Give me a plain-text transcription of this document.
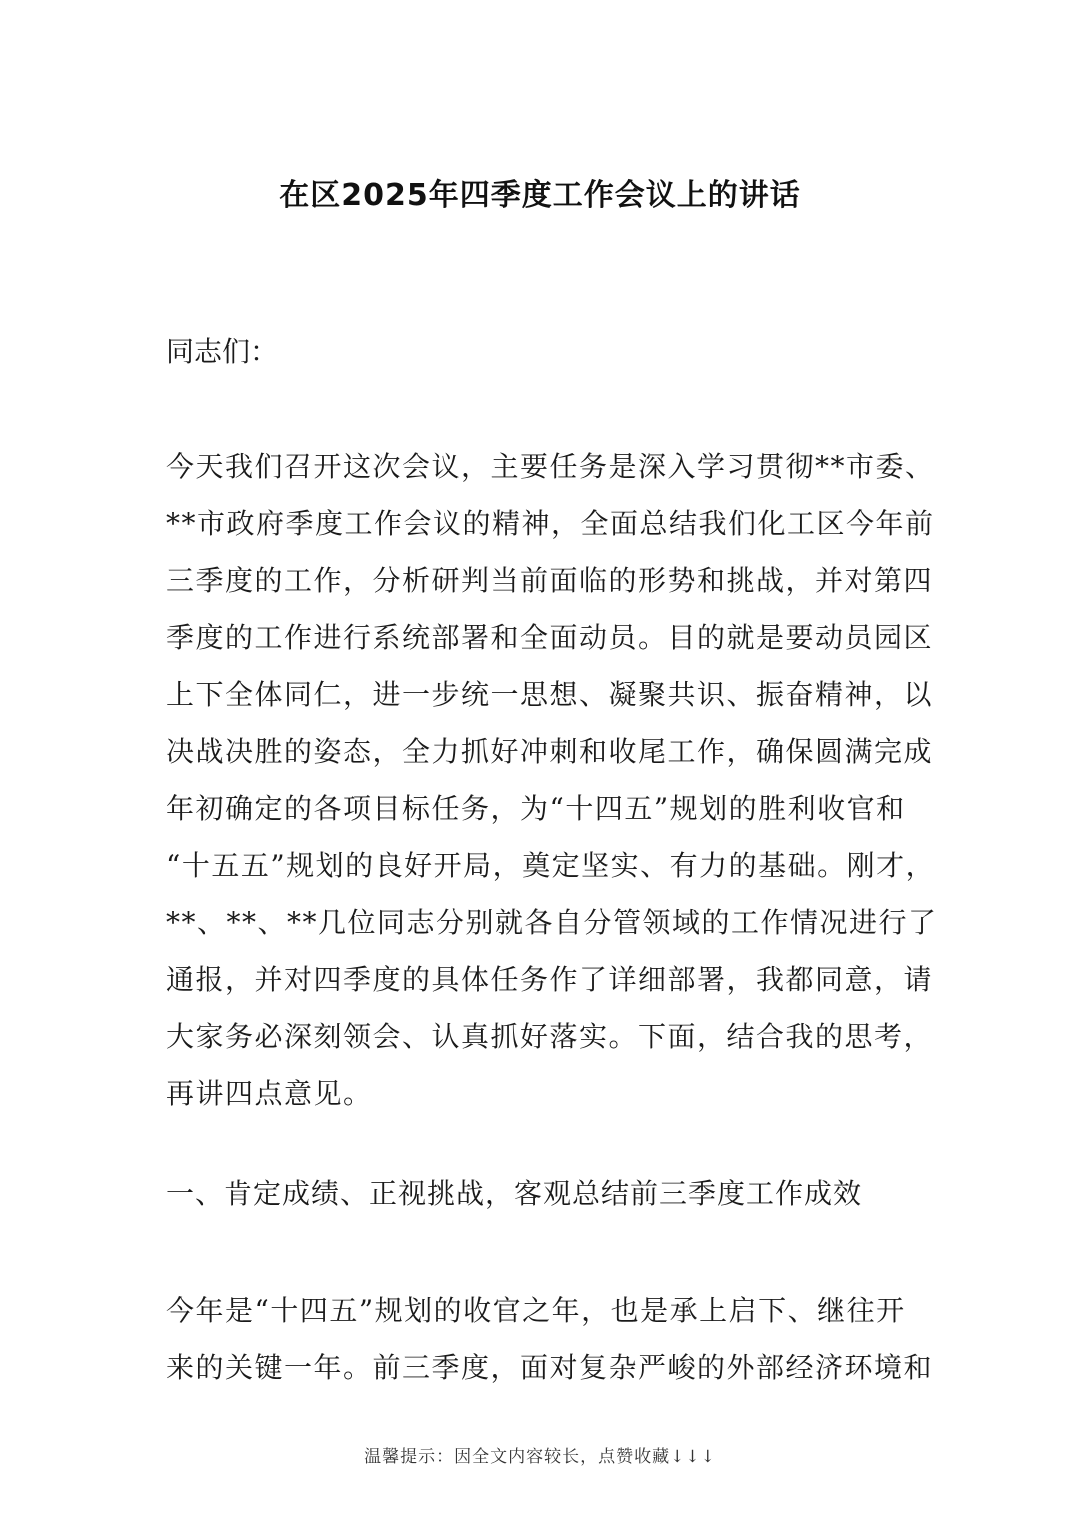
在区2025年四季度工作会议上的讲话
同志们：
今天我们召开这次会议，主要任务是深入学习贯彻**市委、
**市政府季度工作会议的精神，全面总结我们化工区今年前
三季度的工作，分析研判当前面临的形势和挑战，并对第四
季度的工作进行系统部署和全面动员。目的就是要动员园区
上下全体同仁，进一步统一思想、凝聚共识、振奋精神，以
决战决胜的姿态，全力抓好冲刺和收尾工作，确保圆满完成
年初确定的各项目标任务，为“十四五”规划的胜利收官和
“十五五”规划的良好开局，奠定坚实、有力的基础。刚才，
**、**、**几位同志分别就各自分管领域的工作情况进行了
通报，并对四季度的具体任务作了详细部署，我都同意，请
大家务必深刻领会、认真抓好落实。下面，结合我的思考，
再讲四点意见。
一、肯定成绩、正视挑战，客观总结前三季度工作成效
今年是“十四五”规划的收官之年，也是承上启下、继往开
来的关键一年。前三季度，面对复杂严峻的外部经济环境和
温馨提示：因全文内容较长，点赞收藏↓↓↓
